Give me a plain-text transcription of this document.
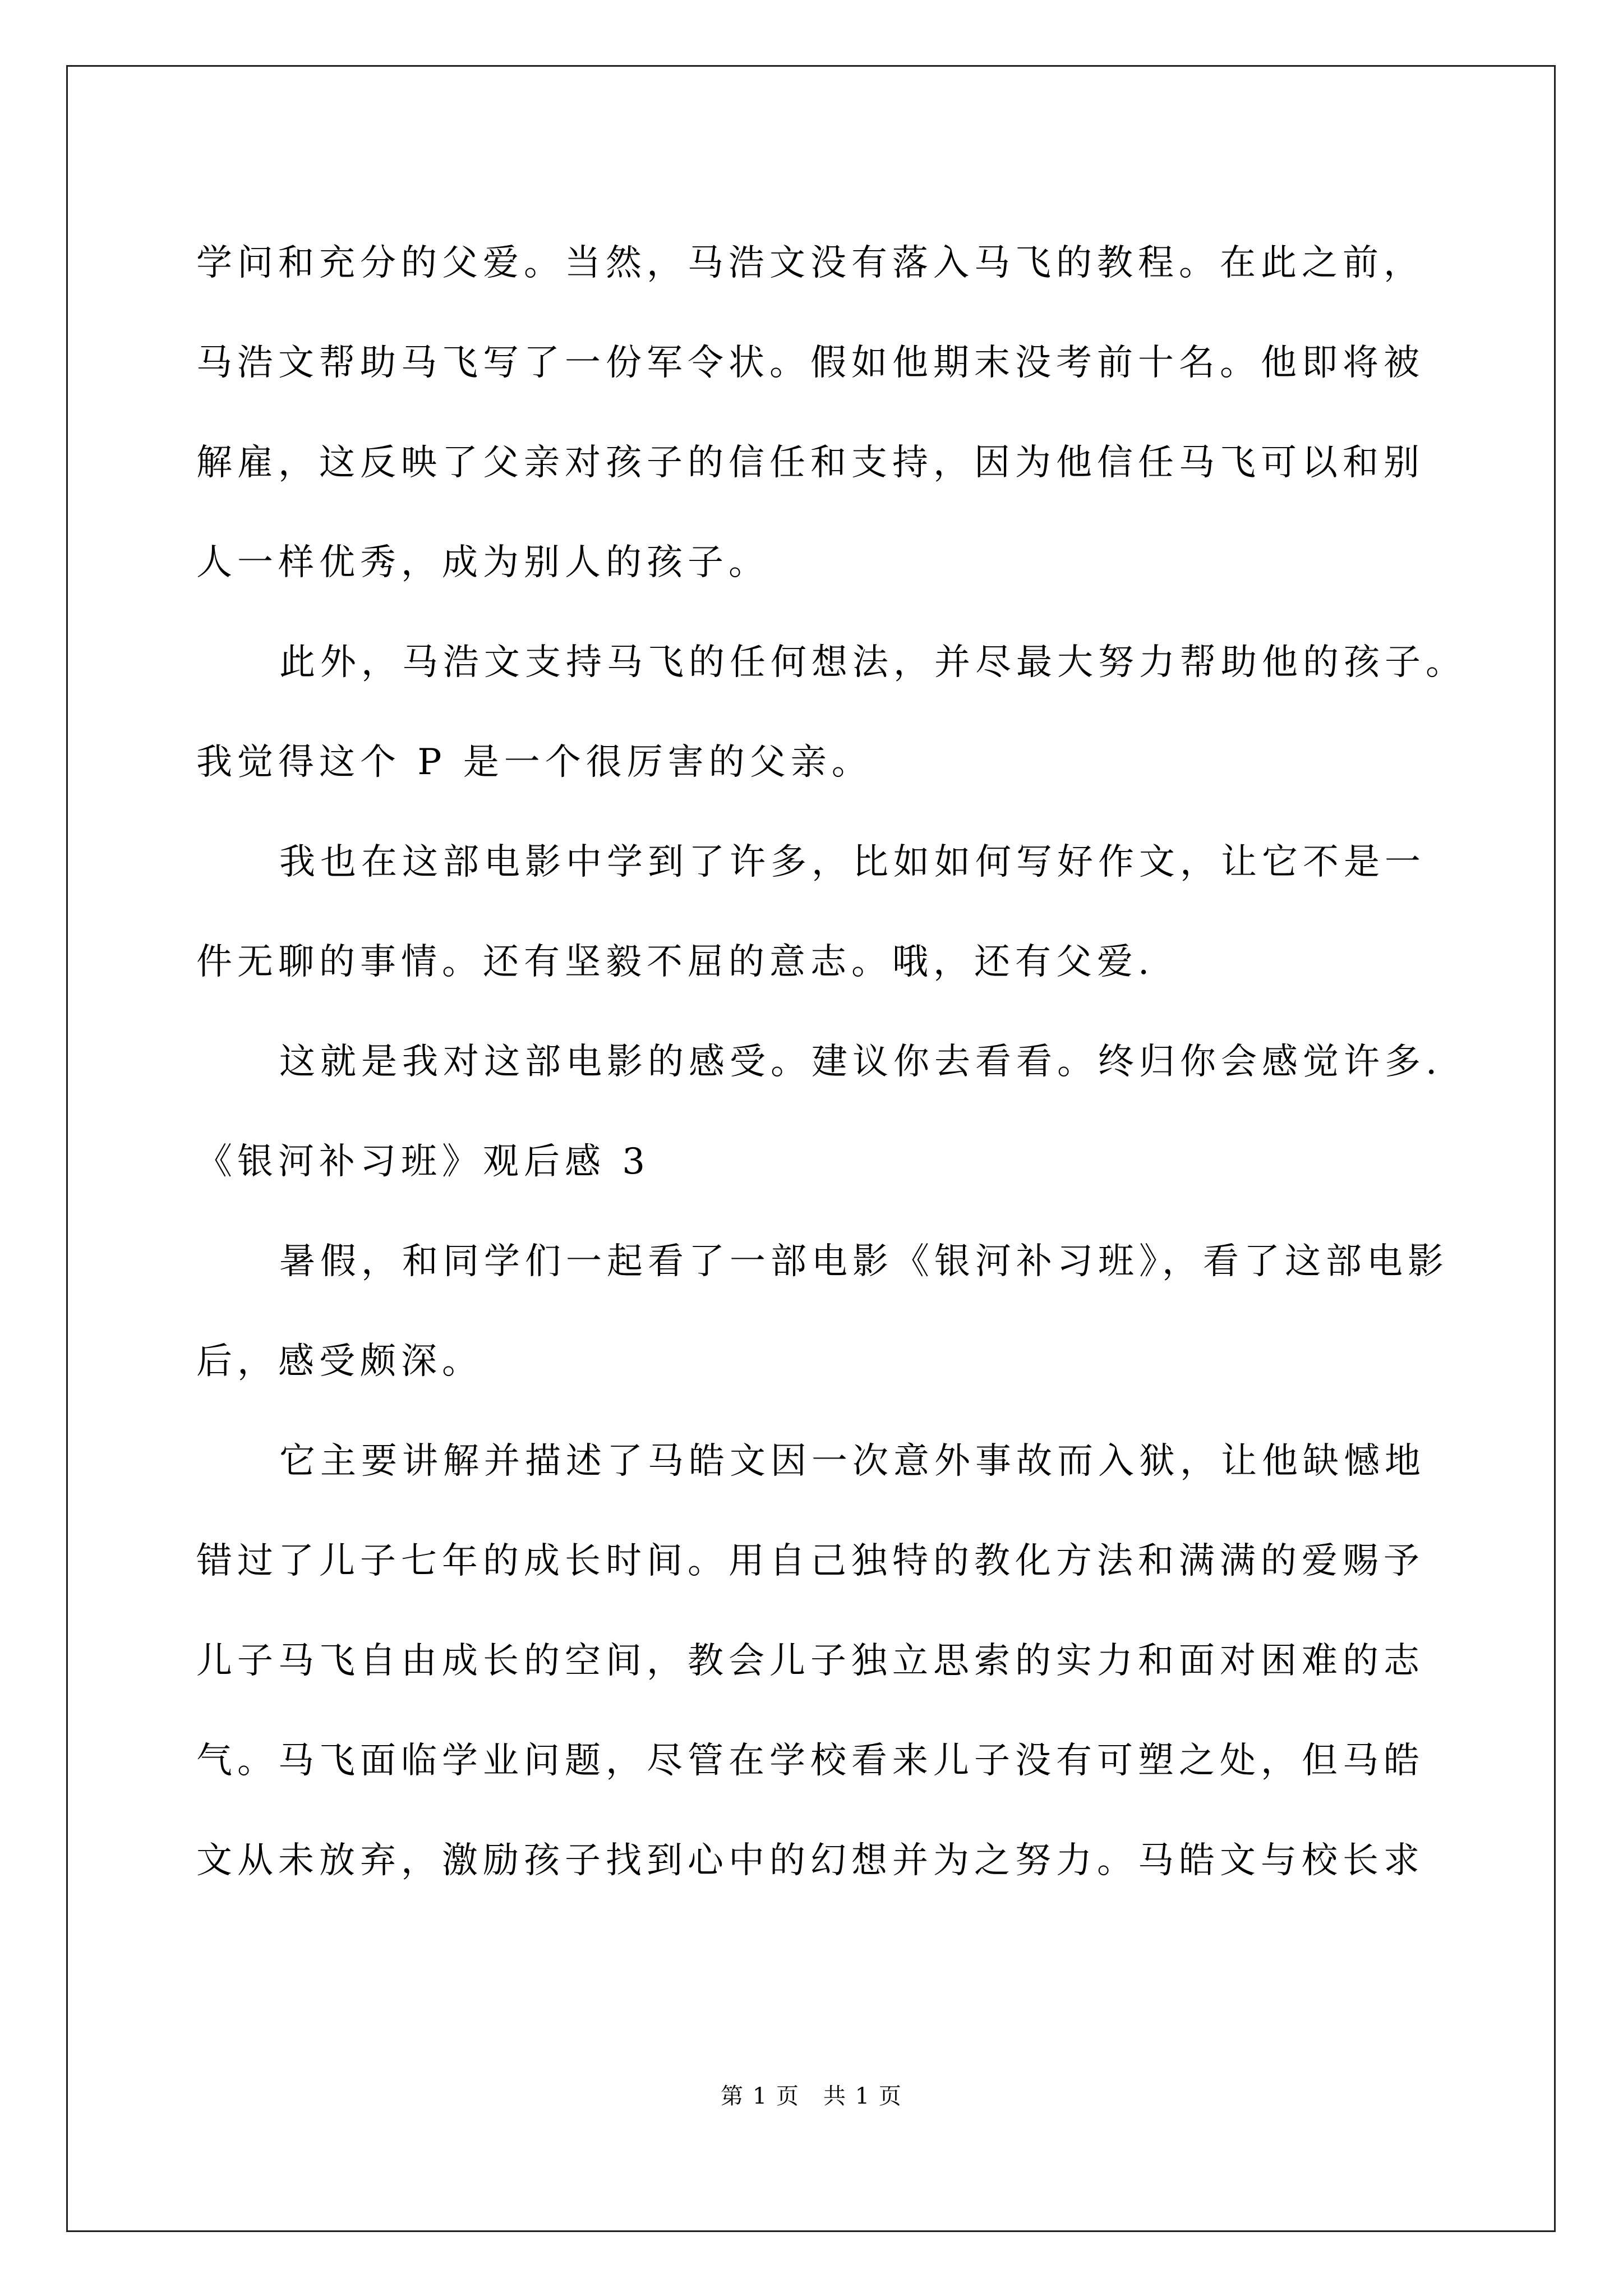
学问和充分的父爱。当然，马浩文没有落入马飞的教程。在此之前，
马浩文帮助马飞写了一份军令状。假如他期末没考前十名。他即将被
解雇，这反映了父亲对孩子的信任和支持，因为他信任马飞可以和别
人一样优秀，成为别人的孩子。
此外，马浩文支持马飞的任何想法，并尽最大努力帮助他的孩子。
我觉得这个 P 是一个很厉害的父亲。
我也在这部电影中学到了许多，比如如何写好作文，让它不是一
件无聊的事情。还有坚毅不屈的意志。哦，还有父爱.
这就是我对这部电影的感受。建议你去看看。终归你会感觉许多.
《银河补习班》观后感 3
暑假，和同学们一起看了一部电影《银河补习班》，看了这部电影
后，感受颇深。
它主要讲解并描述了马皓文因一次意外事故而入狱，让他缺憾地
错过了儿子七年的成长时间。用自己独特的教化方法和满满的爱赐予
儿子马飞自由成长的空间，教会儿子独立思索的实力和面对困难的志
气。马飞面临学业问题，尽管在学校看来儿子没有可塑之处，但马皓
文从未放弃，激励孩子找到心中的幻想并为之努力。马皓文与校长求
第 1 页　共 1 页
